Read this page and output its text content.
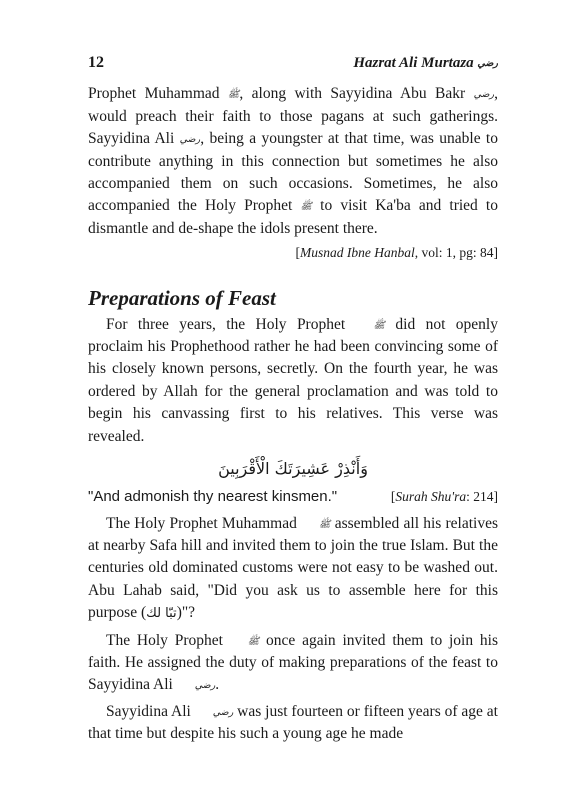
12	Hazrat Ali Murtaza رضي

Prophet Muhammad ﷺ, along with Sayyidina Abu Bakr رضي, would preach their faith to those pagans at such gatherings. Sayyidina Ali رضي, being a youngster at that time, was unable to contribute anything in this connection but sometimes he also accompanied them on such occasions. Sometimes, he also accompanied the Holy Prophet ﷺ to visit Ka'ba and tried to dismantle and de-shape the idols present there.

[Musnad Ibne Hanbal, vol: 1, pg: 84]

Preparations of Feast

For three years, the Holy Prophet ﷺ did not openly proclaim his Prophethood rather he had been convincing some of his closely known persons, secretly. On the fourth year, he was ordered by Allah for the general proclamation and was told to begin his canvassing first to his relatives. This verse was revealed.

وَأَنْذِرْ عَشِيرَتَكَ الْأَقْرَبِينَ
"And admonish thy nearest kinsmen."	[Surah Shu'ra: 214]

The Holy Prophet Muhammad ﷺ assembled all his relatives at nearby Safa hill and invited them to join the true Islam. But the centuries old dominated customs were not easy to be washed out. Abu Lahab said, "Did you ask us to assemble here for this purpose (تبّا لك)"?

The Holy Prophet ﷺ once again invited them to join his faith. He assigned the duty of making preparations of the feast to Sayyidina Ali رضي.

Sayyidina Ali رضي was just fourteen or fifteen years of age at that time but despite his such a young age he made
